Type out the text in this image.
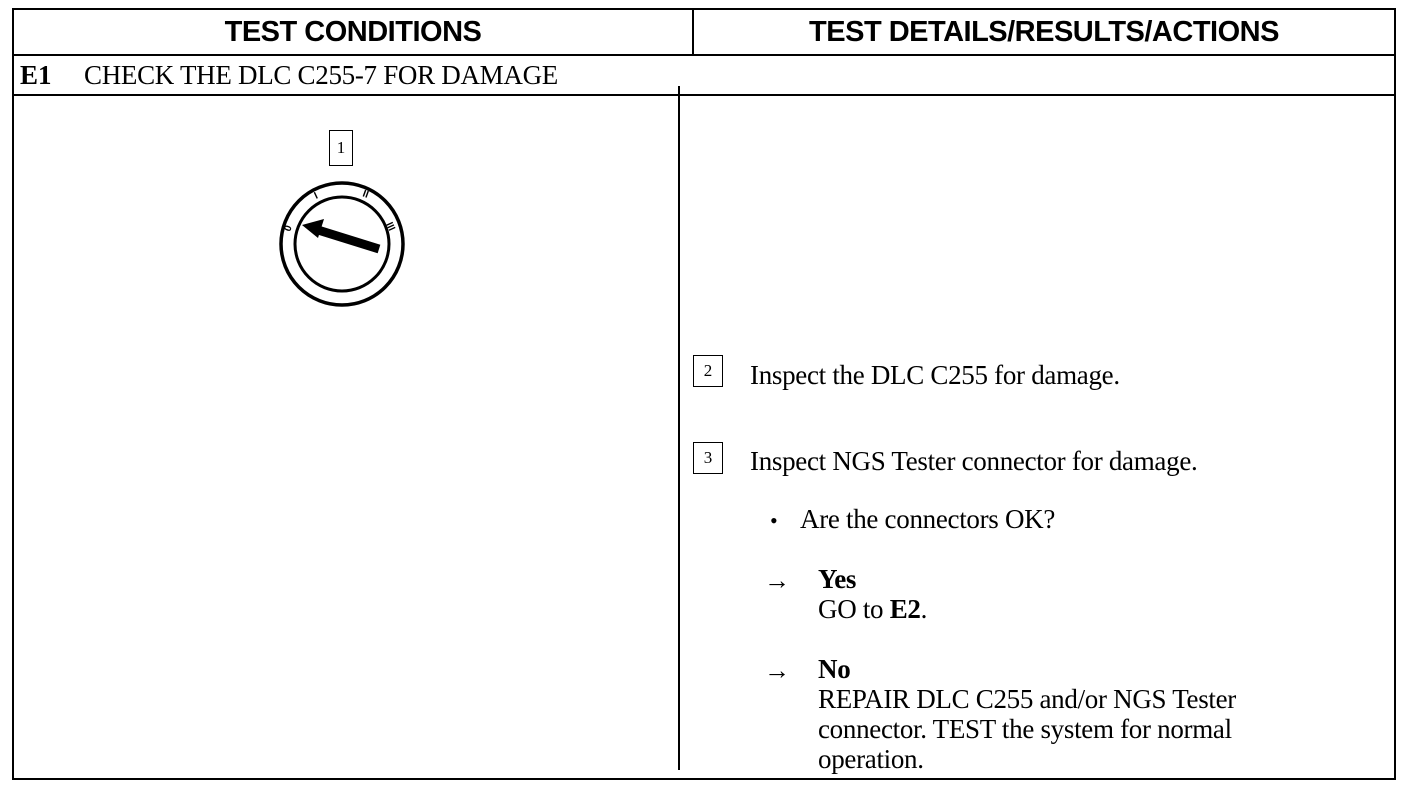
TEST CONDITIONS	TEST DETAILS/RESULTS/ACTIONS
E1	CHECK THE DLC C255-7 FOR DAMAGE
1
0
I	II
III
2	Inspect the DLC C255 for damage.
3	Inspect NGS Tester connector for damage.
• Are the connectors OK?
→ Yes
GO to E2.
→ No
REPAIR DLC C255 and/or NGS Tester
connector. TEST the system for normal
operation.
